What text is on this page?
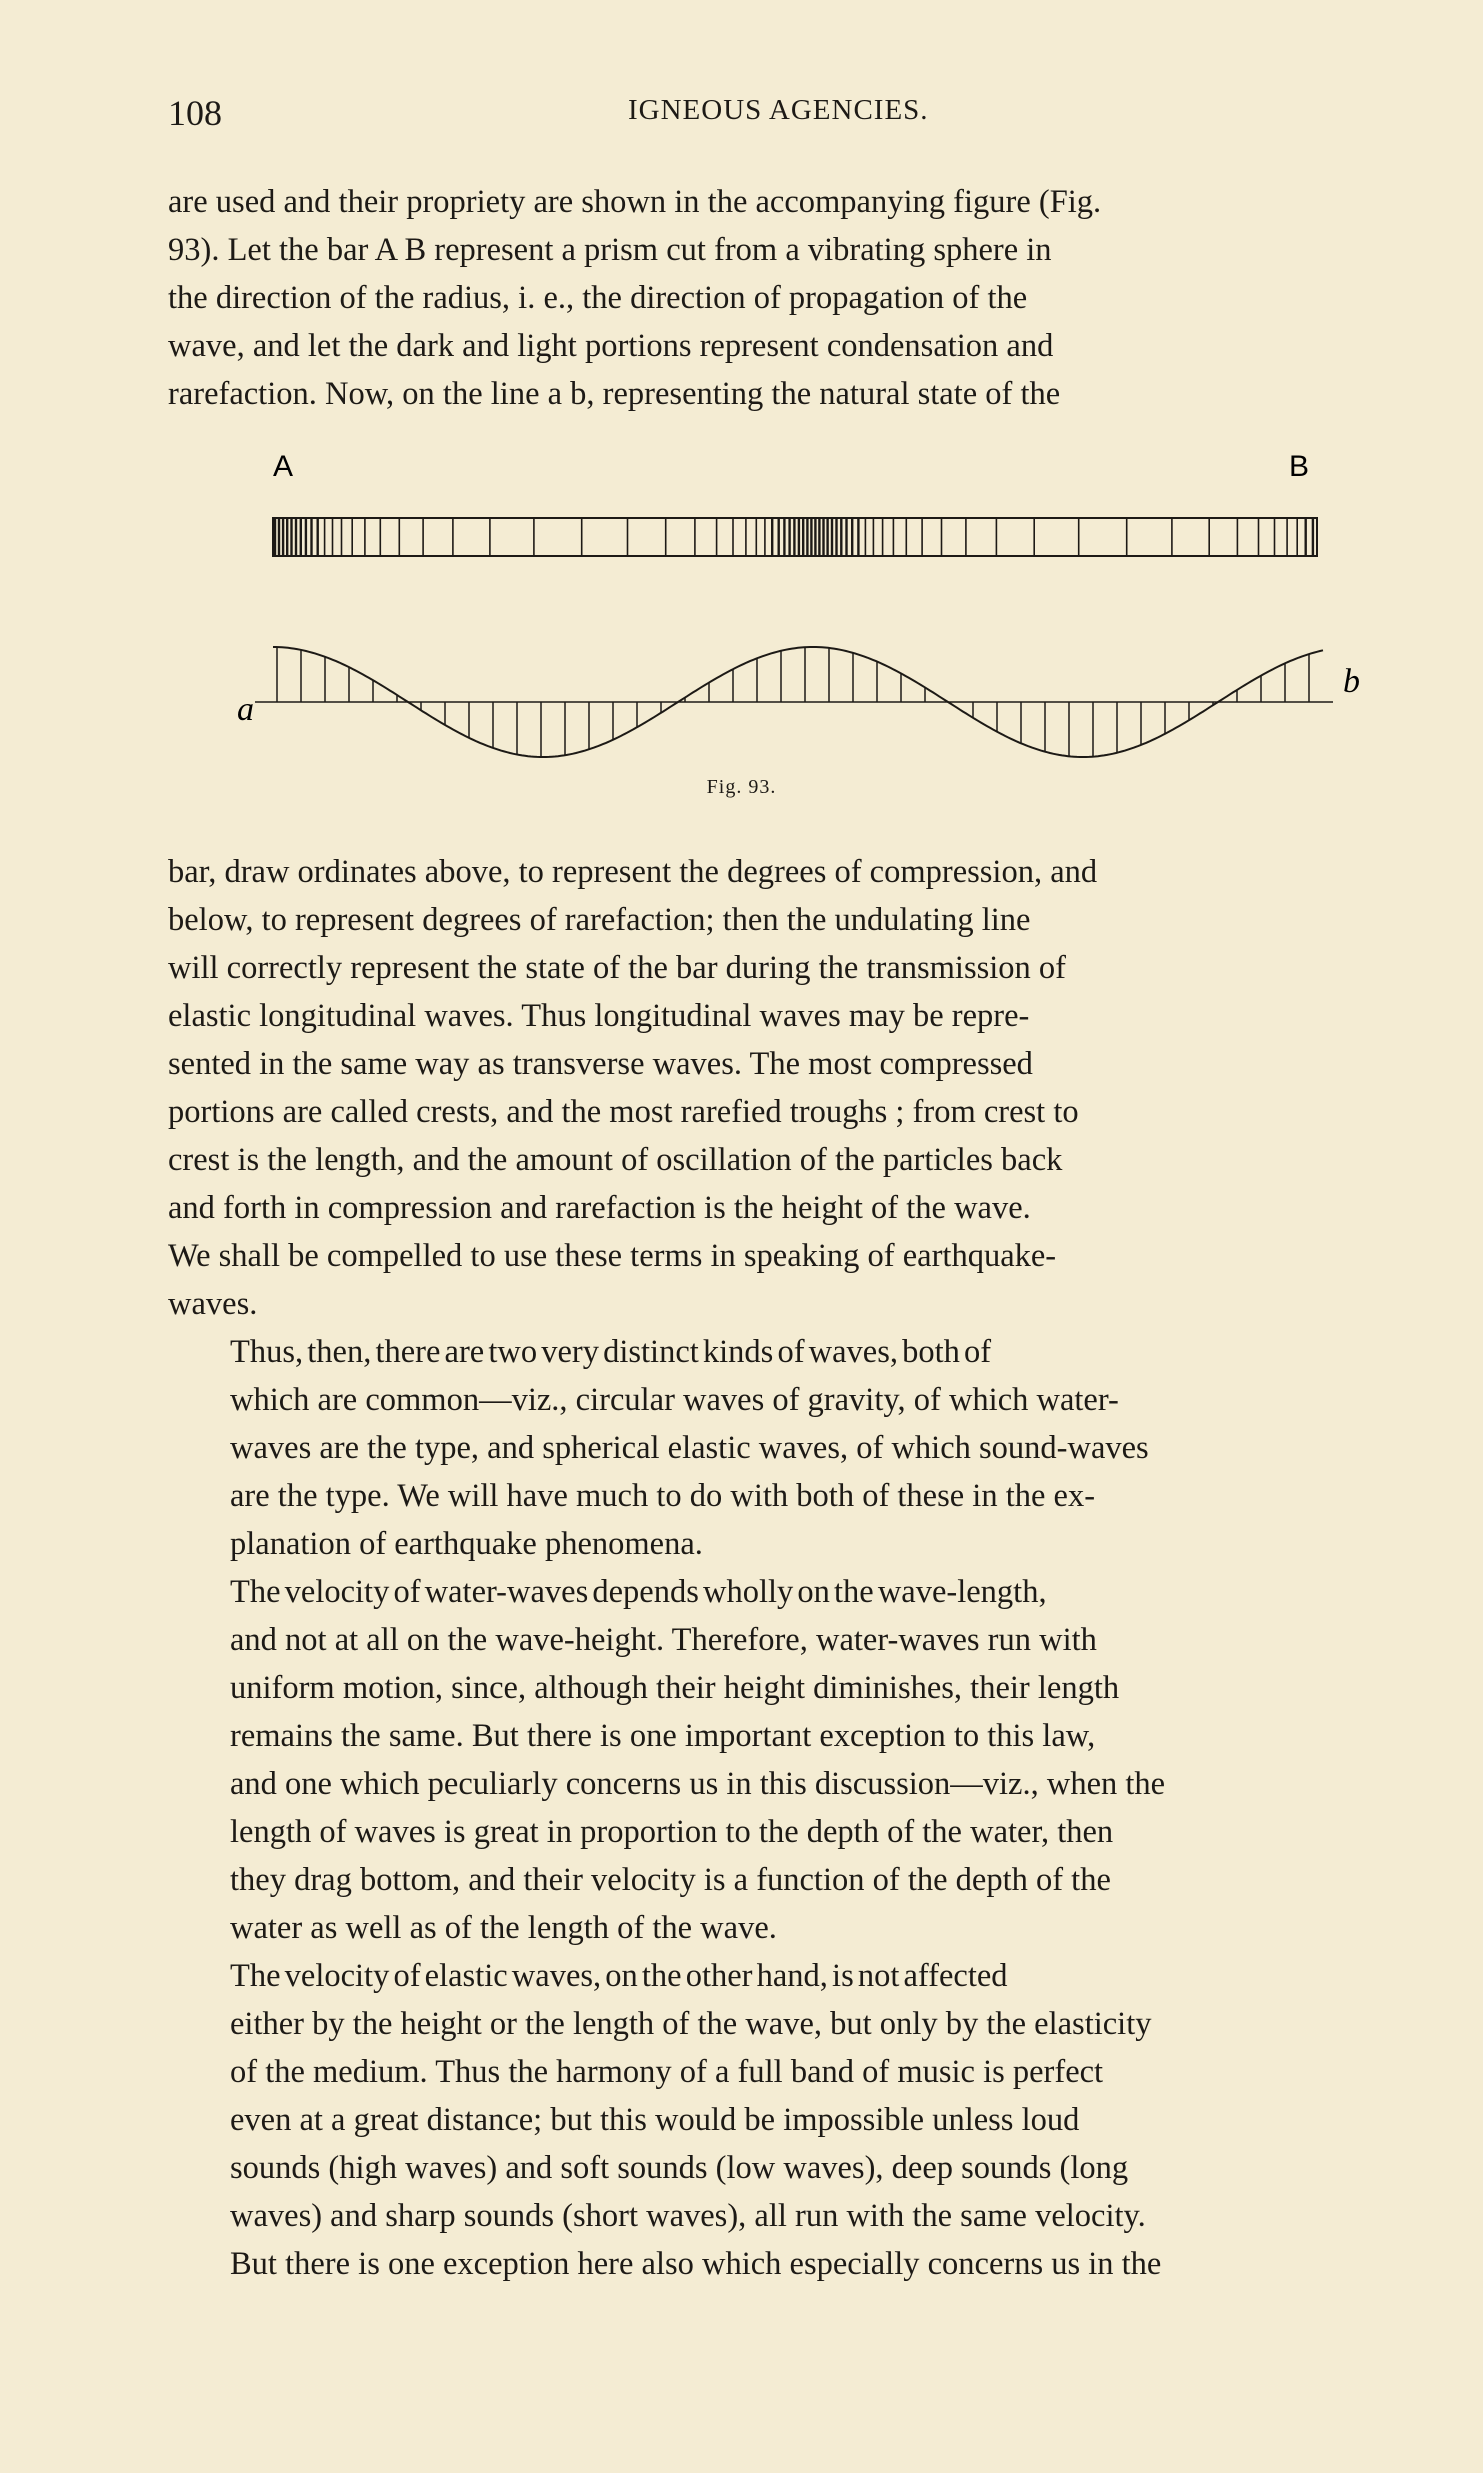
108	IGNEOUS AGENCIES.

are used and their propriety are shown in the accompanying figure (Fig.
93). Let the bar A B represent a prism cut from a vibrating sphere in
the direction of the radius, i. e., the direction of propagation of the
wave, and let the dark and light portions represent condensation and
rarefaction. Now, on the line a b, representing the natural state of the

A	B
a
b
Fig. 93.

bar, draw ordinates above, to represent the degrees of compression, and
below, to represent degrees of rarefaction; then the undulating line
will correctly represent the state of the bar during the transmission of
elastic longitudinal waves. Thus longitudinal waves may be repre-
sented in the same way as transverse waves. The most compressed
portions are called crests, and the most rarefied troughs ; from crest to
crest is the length, and the amount of oscillation of the particles back
and forth in compression and rarefaction is the height of the wave.
We shall be compelled to use these terms in speaking of earthquake-
waves.

Thus, then, there are two very distinct kinds of waves, both of
which are common—viz., circular waves of gravity, of which water-
waves are the type, and spherical elastic waves, of which sound-waves
are the type. We will have much to do with both of these in the ex-
planation of earthquake phenomena.

The velocity of water-waves depends wholly on the wave-length,
and not at all on the wave-height. Therefore, water-waves run with
uniform motion, since, although their height diminishes, their length
remains the same. But there is one important exception to this law,
and one which peculiarly concerns us in this discussion—viz., when the
length of waves is great in proportion to the depth of the water, then
they drag bottom, and their velocity is a function of the depth of the
water as well as of the length of the wave.

The velocity of elastic waves, on the other hand, is not affected
either by the height or the length of the wave, but only by the elasticity
of the medium. Thus the harmony of a full band of music is perfect
even at a great distance; but this would be impossible unless loud
sounds (high waves) and soft sounds (low waves), deep sounds (long
waves) and sharp sounds (short waves), all run with the same velocity.
But there is one exception here also which especially concerns us in the
